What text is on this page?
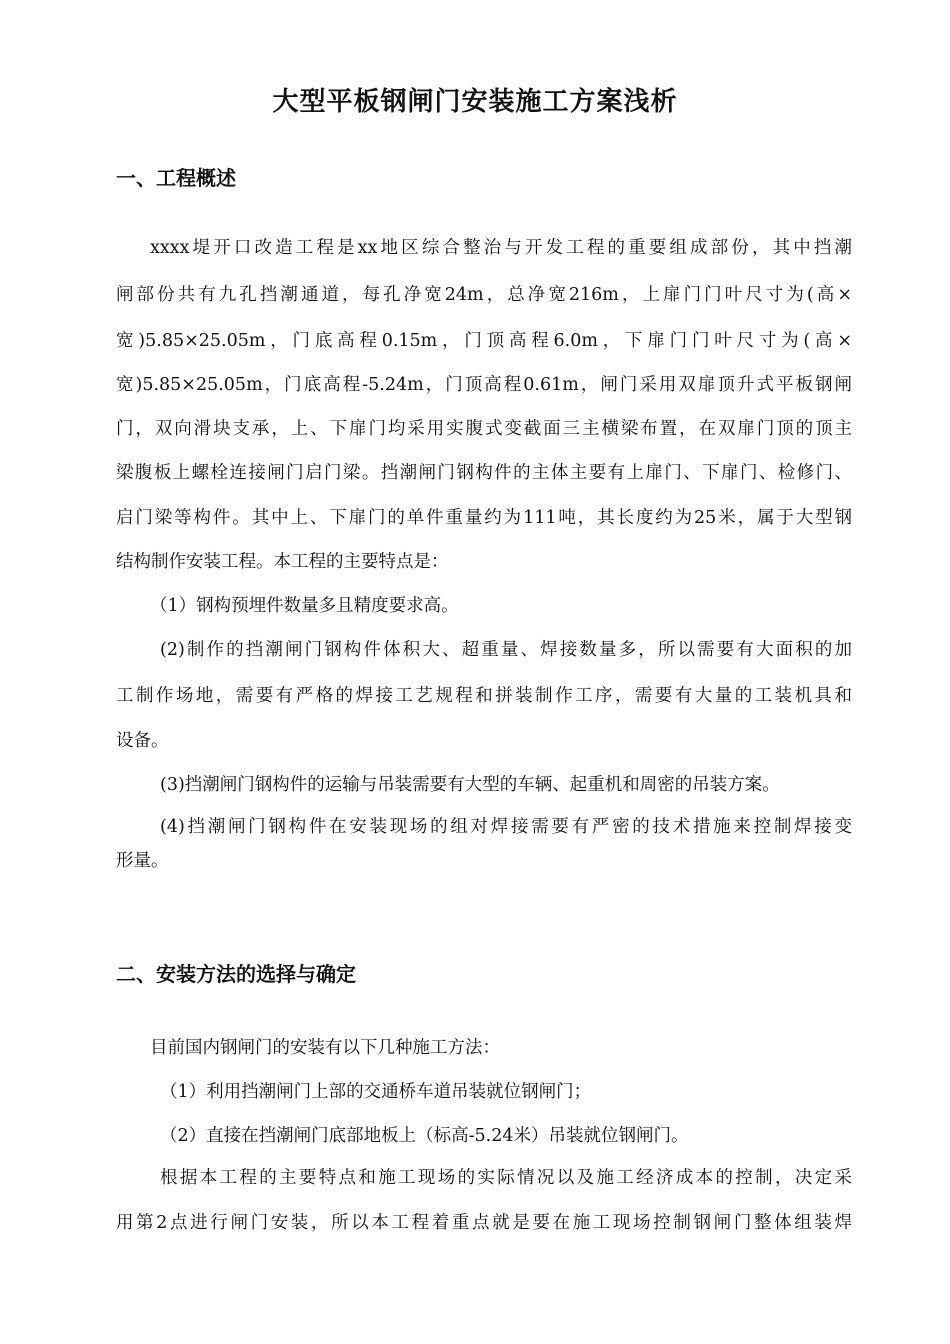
大型平板钢闸门安装施工方案浅析
一、工程概述
xxxx堤开口改造工程是xx地区综合整治与开发工程的重要组成部份，其中挡潮
闸部份共有九孔挡潮通道，每孔净宽24m，总净宽216m，上扉门门叶尺寸为(高×
宽)5.85×25.05m，门底高程0.15m，门顶高程6.0m，下扉门门叶尺寸为(高×
宽)5.85×25.05m，门底高程-5.24m，门顶高程0.61m，闸门采用双扉顶升式平板钢闸
门，双向滑块支承，上、下扉门均采用实腹式变截面三主横梁布置，在双扉门顶的顶主
梁腹板上螺栓连接闸门启门梁。挡潮闸门钢构件的主体主要有上扉门、下扉门、检修门、
启门梁等构件。其中上、下扉门的单件重量约为111吨，其长度约为25米，属于大型钢
结构制作安装工程。本工程的主要特点是：
（1）钢构预埋件数量多且精度要求高。
(2)制作的挡潮闸门钢构件体积大、超重量、焊接数量多，所以需要有大面积的加
工制作场地，需要有严格的焊接工艺规程和拼装制作工序，需要有大量的工装机具和
设备。
(3)挡潮闸门钢构件的运输与吊装需要有大型的车辆、起重机和周密的吊装方案。
(4)挡潮闸门钢构件在安装现场的组对焊接需要有严密的技术措施来控制焊接变
形量。
二、安装方法的选择与确定
目前国内钢闸门的安装有以下几种施工方法：
（1）利用挡潮闸门上部的交通桥车道吊装就位钢闸门；
（2）直接在挡潮闸门底部地板上（标高-5.24米）吊装就位钢闸门。
根据本工程的主要特点和施工现场的实际情况以及施工经济成本的控制，决定采
用第2点进行闸门安装，所以本工程着重点就是要在施工现场控制钢闸门整体组装焊
